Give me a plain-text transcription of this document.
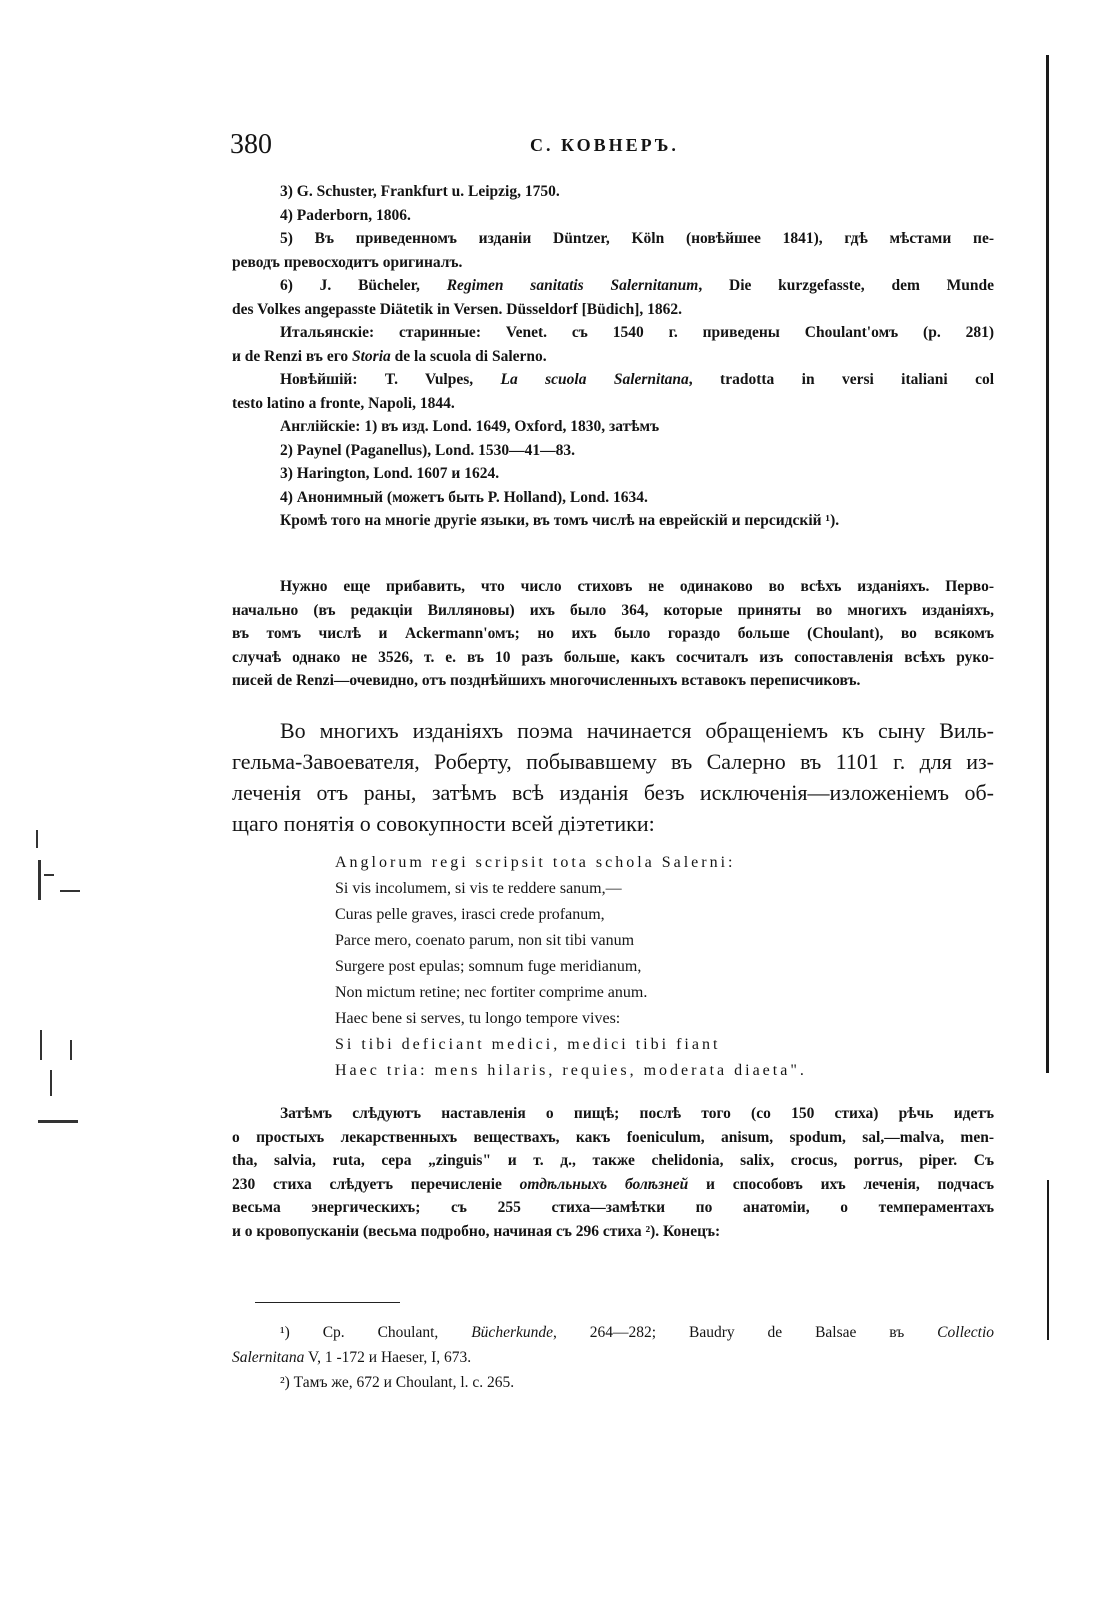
380	С. КОВНЕРЪ.

3) G. Schuster, Frankfurt u. Leipzig, 1750.

4) Paderborn, 1806.

5) Въ приведенномъ изданіи Düntzer, Köln (новѣйшее 1841), гдѣ мѣстами пе-

реводъ превосходитъ оригиналъ.

6) J. Bücheler, Regimen sanitatis Salernitanum, Die kurzgefasste, dem Munde

des Volkes angepasste Diätetik in Versen. Düsseldorf [Büdich], 1862.

Итальянскіе: старинные: Venet. съ 1540 г. приведены Choulant'омъ (p. 281)

и de Renzi въ его Storia de la scuola di Salerno.

Новѣйшій: T. Vulpes, La scuola Salernitana, tradotta in versi italiani col

testo latino a fronte, Napoli, 1844.

Англійскіе: 1) въ изд. Lond. 1649, Oxford, 1830, затѣмъ

2) Paynel (Paganellus), Lond. 1530—41—83.

3) Harington, Lond. 1607 и 1624.

4) Анонимный (можетъ быть P. Holland), Lond. 1634.

Кромѣ того на многіе другіе языки, въ томъ числѣ на еврейскій и персидскій ¹).

Нужно еще прибавить, что число стиховъ не одинаково во всѣхъ изданіяхъ. Перво-

начально (въ редакціи Вилляновы) ихъ было 364, которые приняты во многихъ изданіяхъ,

въ томъ числѣ и Ackermann'омъ; но ихъ было гораздо больше (Choulant), во всякомъ

случаѣ однако не 3526, т. е. въ 10 разъ больше, какъ сосчиталъ изъ сопоставленія всѣхъ руко-

писей de Renzi—очевидно, отъ позднѣйшихъ многочисленныхъ вставокъ переписчиковъ.

Во многихъ изданіяхъ поэма начинается обращеніемъ къ сыну Виль-

гельма-Завоевателя, Роберту, побывавшему въ Салерно въ 1101 г. для из-

леченія отъ раны, затѣмъ всѣ изданія безъ исключенія—изложеніемъ об-

щаго понятія о совокупности всей діэтетики:

Anglorum regi scripsit tota schola Salerni:

Si vis incolumem, si vis te reddere sanum,—

Curas pelle graves, irasci crede profanum,

Parce mero, coenato parum, non sit tibi vanum

Surgere post epulas; somnum fuge meridianum,

Non mictum retine; nec fortiter comprime anum.

Haec bene si serves, tu longo tempore vives:

Si tibi deficiant medici, medici tibi fiant

Haec tria: mens hilaris, requies, moderata diaeta".

Затѣмъ слѣдуютъ наставленія о пищѣ; послѣ того (со 150 стиха) рѣчь идетъ

о простыхъ лекарственныхъ веществахъ, какъ foeniculum, anisum, spodum, sal,—malva, men-

tha, salvia, ruta, cepa „zinguis" и т. д., также chelidonia, salix, crocus, porrus, piper. Съ

230 стиха слѣдуетъ перечисленіе отдѣльныхъ болѣзней и способовъ ихъ леченія, подчасъ

весьма энергическихъ; съ 255 стиха—замѣтки по анатоміи, о темпераментахъ

и о кровопусканіи (весьма подробно, начиная съ 296 стиха ²). Конецъ:

¹) Ср. Choulant, Bücherkunde, 264—282; Baudry de Balsae въ Collectio

Salernitana V, 1 -172 и Haeser, I, 673.

²) Тамъ же, 672 и Choulant, l. c. 265.
